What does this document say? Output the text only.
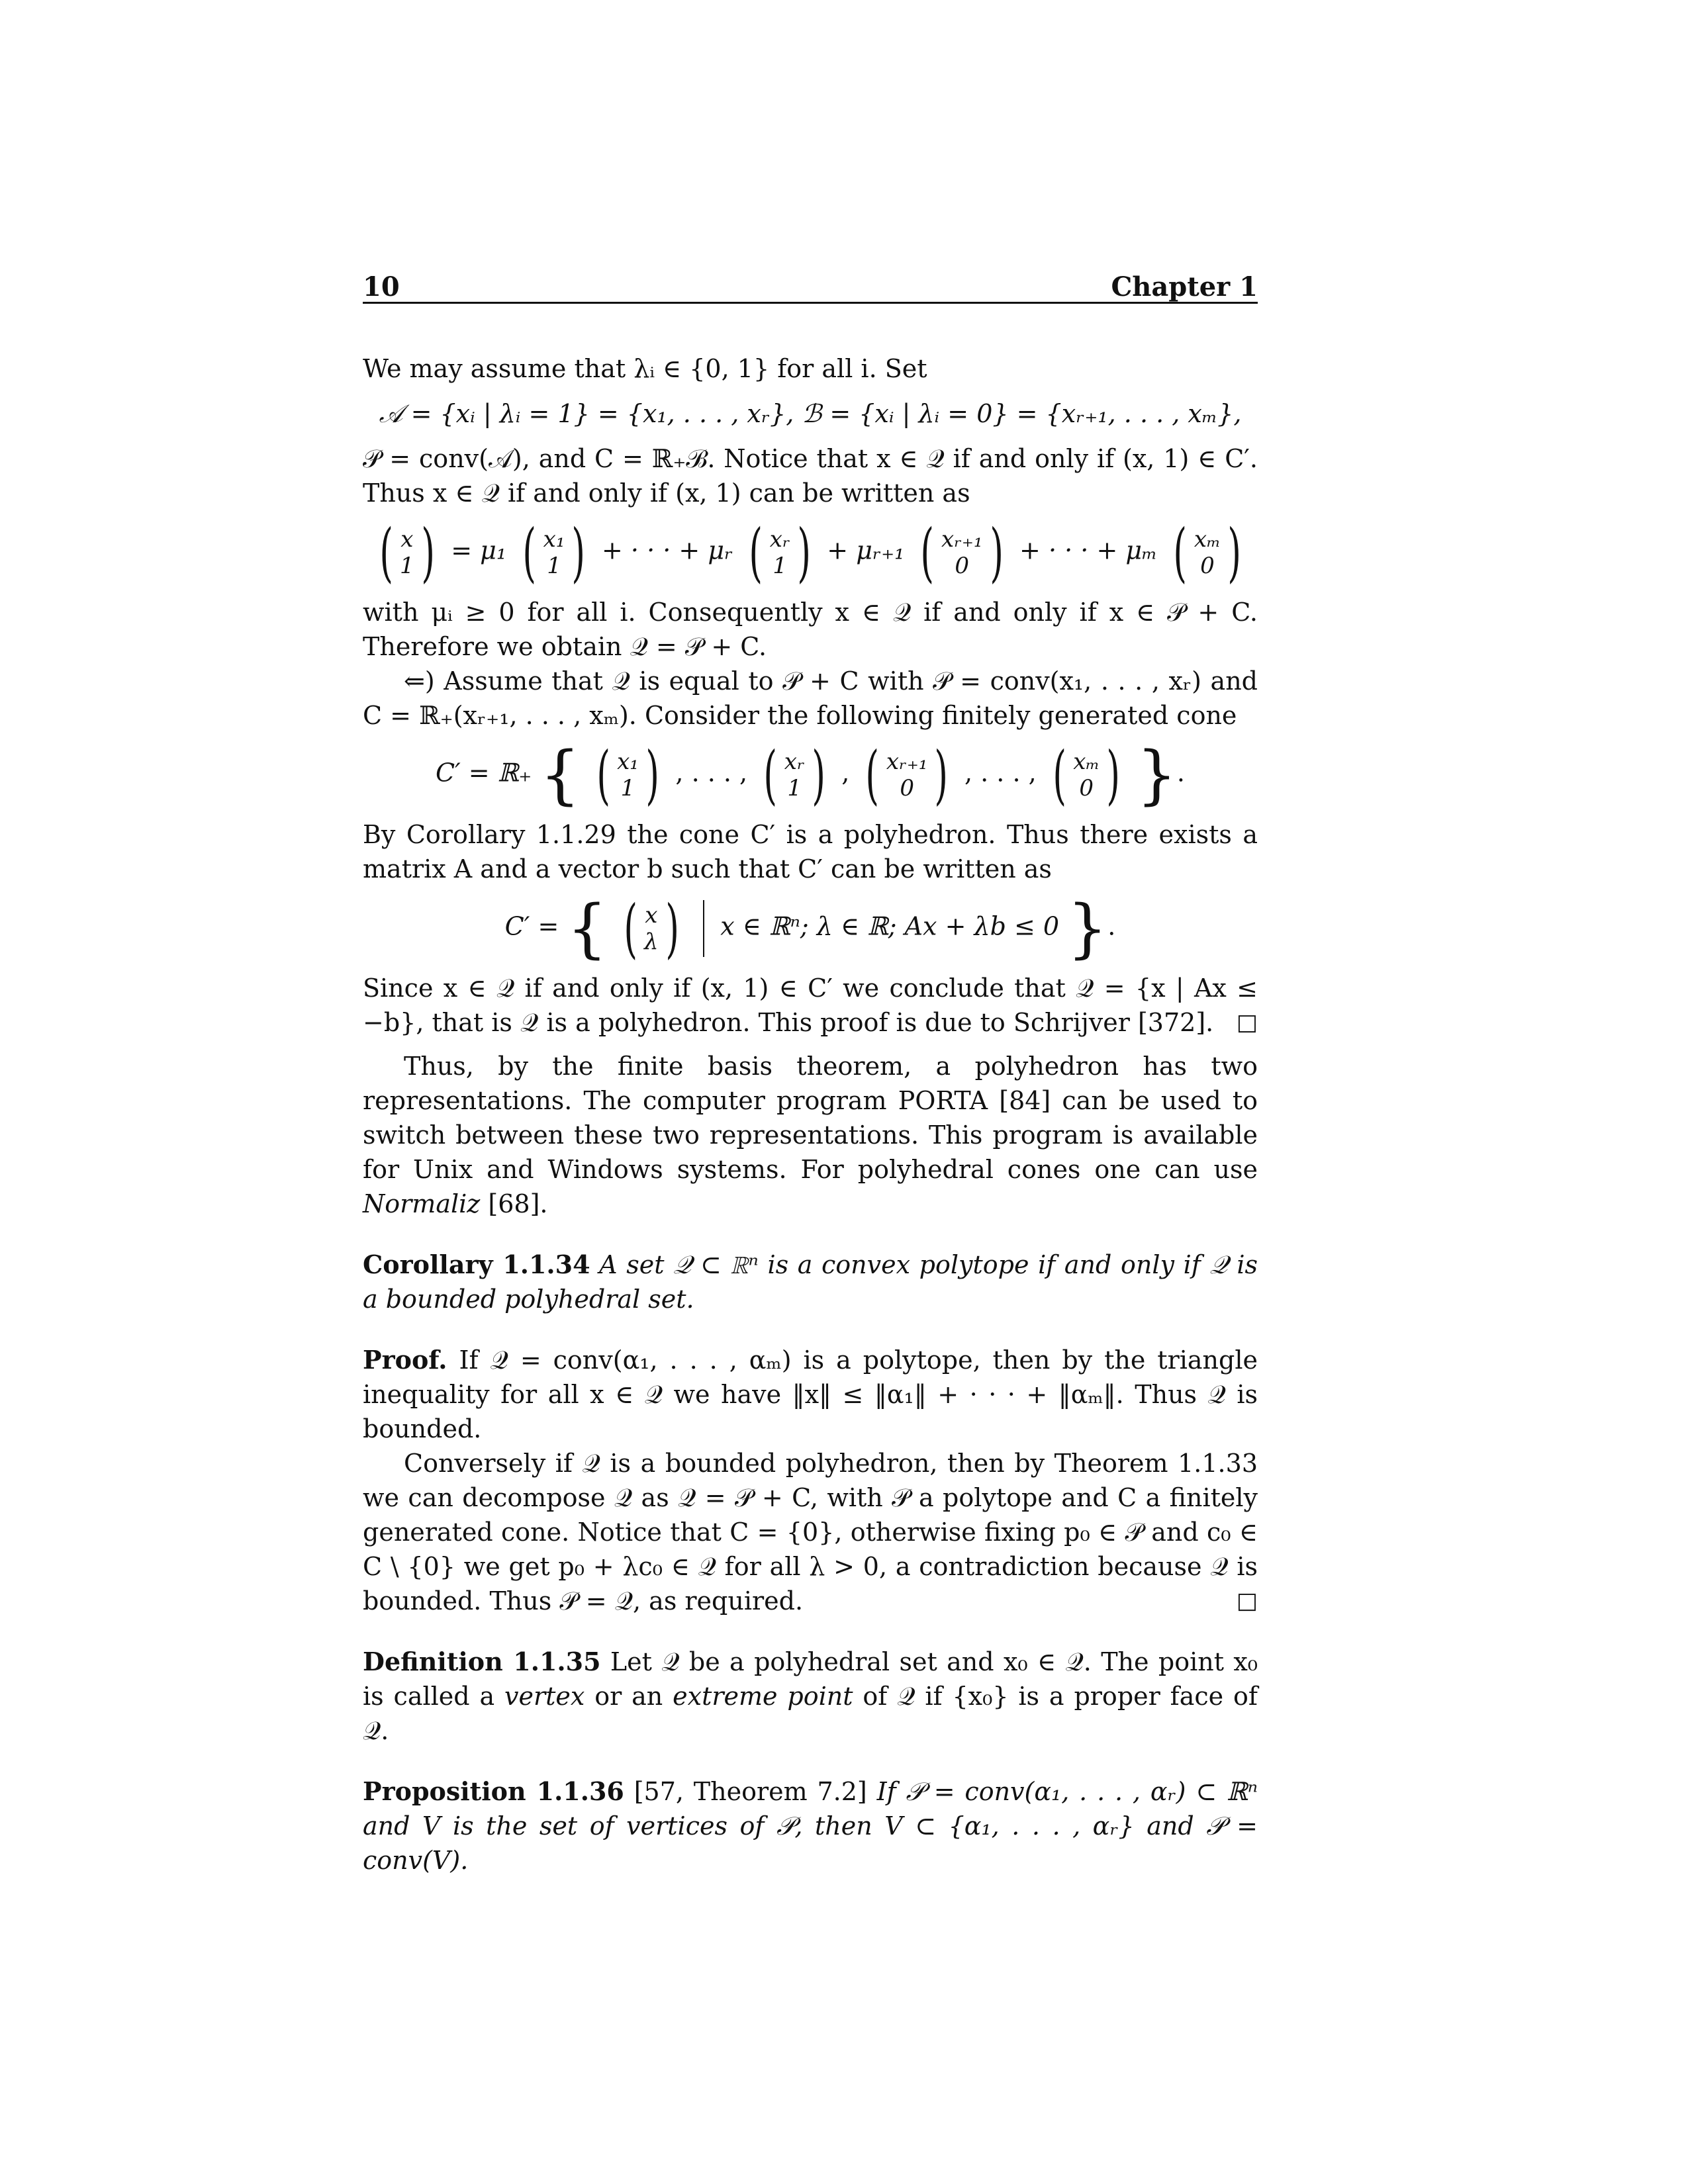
10	Chapter 1

We may assume that λᵢ ∈ {0, 1} for all i. Set

𝒜 = {xᵢ | λᵢ = 1} = {x₁, . . . , xᵣ}, ℬ = {xᵢ | λᵢ = 0} = {xᵣ₊₁, . . . , xₘ},

𝒫 = conv(𝒜), and C = ℝ₊ℬ. Notice that x ∈ 𝒬 if and only if (x, 1) ∈ C′. Thus x ∈ 𝒬 if and only if (x, 1) can be written as

( x
1 ) = μ₁ ( x₁
1 ) + · · · + μᵣ ( xᵣ
1 ) + μᵣ₊₁ ( xᵣ₊₁
0 ) + · · · + μₘ ( xₘ
0 )

with μᵢ ≥ 0 for all i. Consequently x ∈ 𝒬 if and only if x ∈ 𝒫 + C. Therefore we obtain 𝒬 = 𝒫 + C.

⇐) Assume that 𝒬 is equal to 𝒫 + C with 𝒫 = conv(x₁, . . . , xᵣ) and C = ℝ₊(xᵣ₊₁, . . . , xₘ). Consider the following finitely generated cone

C′ = ℝ₊ { ( x₁
1 ) , . . . , ( xᵣ
1 ) , ( xᵣ₊₁
0 ) , . . . , ( xₘ
0 ) }.

By Corollary 1.1.29 the cone C′ is a polyhedron. Thus there exists a matrix A and a vector b such that C′ can be written as

C′ = { ( x
λ ) x ∈ ℝⁿ; λ ∈ ℝ; Ax + λb ≤ 0 }.

Since x ∈ 𝒬 if and only if (x, 1) ∈ C′ we conclude that 𝒬 = {x | Ax ≤ −b}, that is 𝒬 is a polyhedron. This proof is due to Schrijver [372]. □

Thus, by the finite basis theorem, a polyhedron has two representations. The computer program PORTA [84] can be used to switch between these two representations. This program is available for Unix and Windows systems. For polyhedral cones one can use Normaliz [68].

Corollary 1.1.34 A set 𝒬 ⊂ ℝⁿ is a convex polytope if and only if 𝒬 is a bounded polyhedral set.

Proof. If 𝒬 = conv(α₁, . . . , αₘ) is a polytope, then by the triangle inequality for all x ∈ 𝒬 we have ‖x‖ ≤ ‖α₁‖ + · · · + ‖αₘ‖. Thus 𝒬 is bounded.

Conversely if 𝒬 is a bounded polyhedron, then by Theorem 1.1.33 we can decompose 𝒬 as 𝒬 = 𝒫 + C, with 𝒫 a polytope and C a finitely generated cone. Notice that C = {0}, otherwise fixing p₀ ∈ 𝒫 and c₀ ∈ C \ {0} we get p₀ + λc₀ ∈ 𝒬 for all λ > 0, a contradiction because 𝒬 is bounded. Thus 𝒫 = 𝒬, as required.	□

Definition 1.1.35 Let 𝒬 be a polyhedral set and x₀ ∈ 𝒬. The point x₀ is called a vertex or an extreme point of 𝒬 if {x₀} is a proper face of 𝒬.

Proposition 1.1.36 [57, Theorem 7.2] If 𝒫 = conv(α₁, . . . , αᵣ) ⊂ ℝⁿ and V is the set of vertices of 𝒫, then V ⊂ {α₁, . . . , αᵣ} and 𝒫 = conv(V).
